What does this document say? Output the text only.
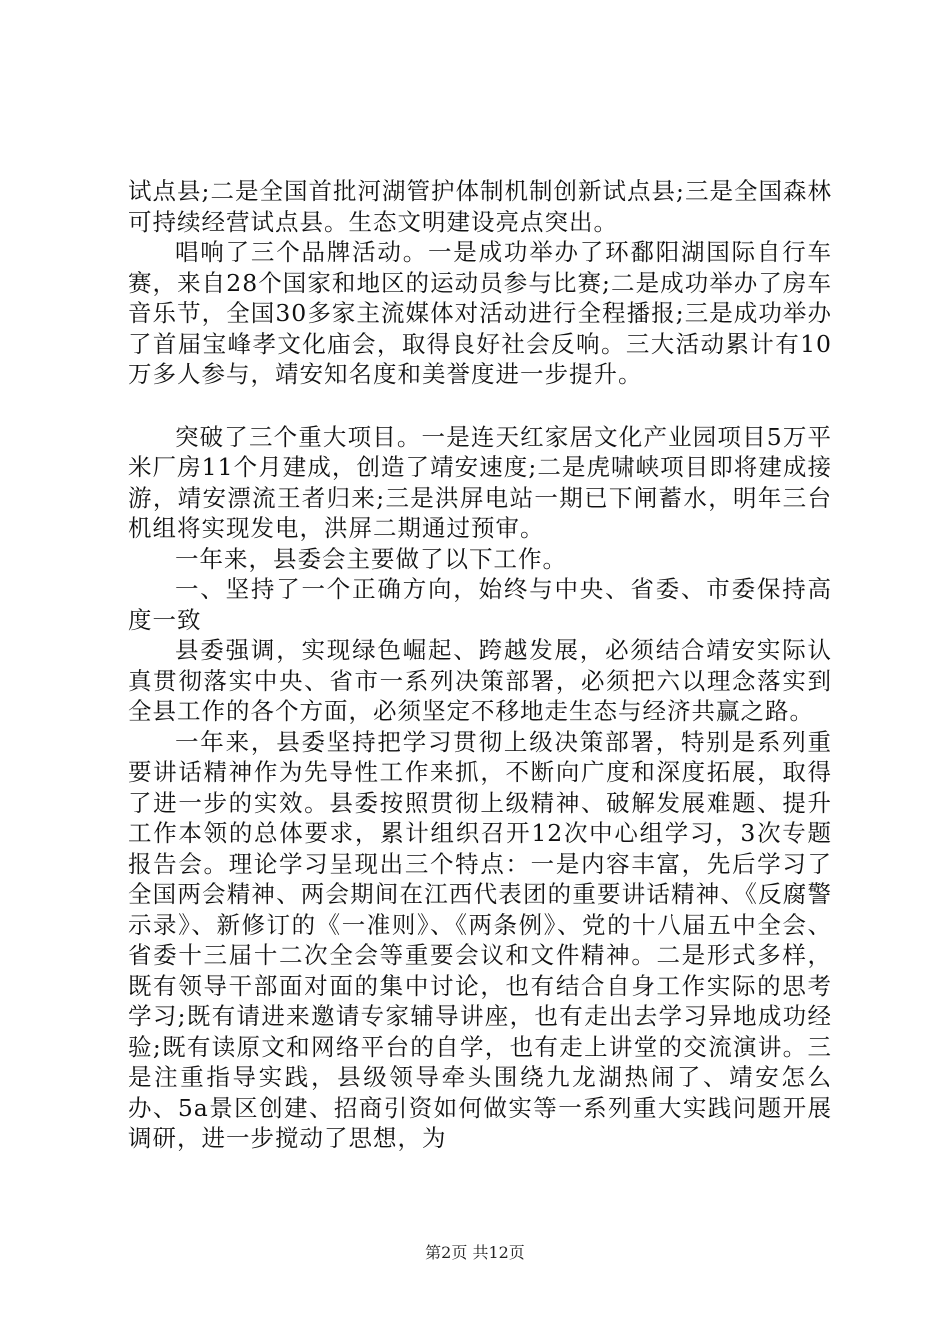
试点县;二是全国首批河湖管护体制机制创新试点县;三是全国森林可持续经营试点县。生态文明建设亮点突出。

唱响了三个品牌活动。一是成功举办了环鄱阳湖国际自行车赛，来自28个国家和地区的运动员参与比赛;二是成功举办了房车音乐节，全国30多家主流媒体对活动进行全程播报;三是成功举办了首届宝峰孝文化庙会，取得良好社会反响。三大活动累计有10万多人参与，靖安知名度和美誉度进一步提升。

突破了三个重大项目。一是连天红家居文化产业园项目5万平米厂房11个月建成，创造了靖安速度;二是虎啸峡项目即将建成接游，靖安漂流王者归来;三是洪屏电站一期已下闸蓄水，明年三台机组将实现发电，洪屏二期通过预审。

一年来，县委会主要做了以下工作。

一、坚持了一个正确方向，始终与中央、省委、市委保持高度一致

县委强调，实现绿色崛起、跨越发展，必须结合靖安实际认真贯彻落实中央、省市一系列决策部署，必须把六以理念落实到全县工作的各个方面，必须坚定不移地走生态与经济共赢之路。

一年来，县委坚持把学习贯彻上级决策部署，特别是系列重要讲话精神作为先导性工作来抓，不断向广度和深度拓展，取得了进一步的实效。县委按照贯彻上级精神、破解发展难题、提升工作本领的总体要求，累计组织召开12次中心组学习，3次专题报告会。理论学习呈现出三个特点：一是内容丰富，先后学习了全国两会精神、两会期间在江西代表团的重要讲话精神、《反腐警示录》、新修订的《一准则》、《两条例》、党的十八届五中全会、省委十三届十二次全会等重要会议和文件精神。二是形式多样，既有领导干部面对面的集中讨论，也有结合自身工作实际的思考学习;既有请进来邀请专家辅导讲座，也有走出去学习异地成功经验;既有读原文和网络平台的自学，也有走上讲堂的交流演讲。三是注重指导实践，县级领导牵头围绕九龙湖热闹了、靖安怎么办、5a景区创建、招商引资如何做实等一系列重大实践问题开展调研，进一步搅动了思想，为

第2页 共12页
